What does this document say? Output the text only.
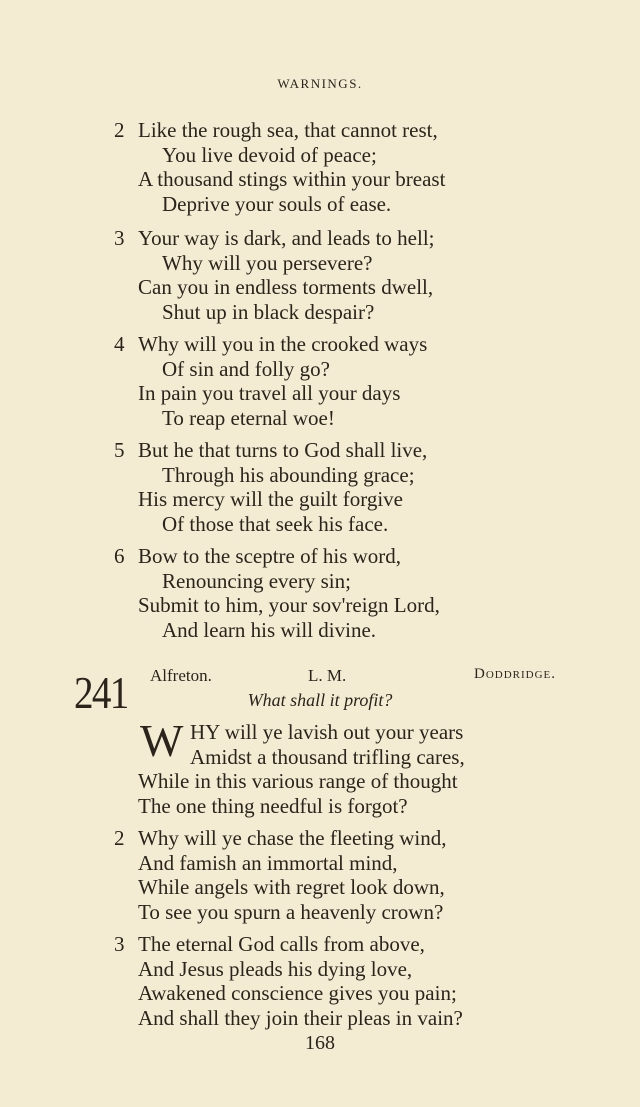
WARNINGS.
2 Like the rough sea, that cannot rest,
You live devoid of peace;
A thousand stings within your breast
Deprive your souls of ease.
3 Your way is dark, and leads to hell;
Why will you persevere?
Can you in endless torments dwell,
Shut up in black despair?
4 Why will you in the crooked ways
Of sin and folly go?
In pain you travel all your days
To reap eternal woe!
5 But he that turns to God shall live,
Through his abounding grace;
His mercy will the guilt forgive
Of those that seek his face.
6 Bow to the sceptre of his word,
Renouncing every sin;
Submit to him, your sov'reign Lord,
And learn his will divine.
241 Alfreton.	L. M.	Doddridge.
What shall it profit?
W HY will ye lavish out your years
Amidst a thousand trifling cares,
While in this various range of thought
The one thing needful is forgot?
2 Why will ye chase the fleeting wind,
And famish an immortal mind,
While angels with regret look down,
To see you spurn a heavenly crown?
3 The eternal God calls from above,
And Jesus pleads his dying love,
Awakened conscience gives you pain;
And shall they join their pleas in vain?
168
